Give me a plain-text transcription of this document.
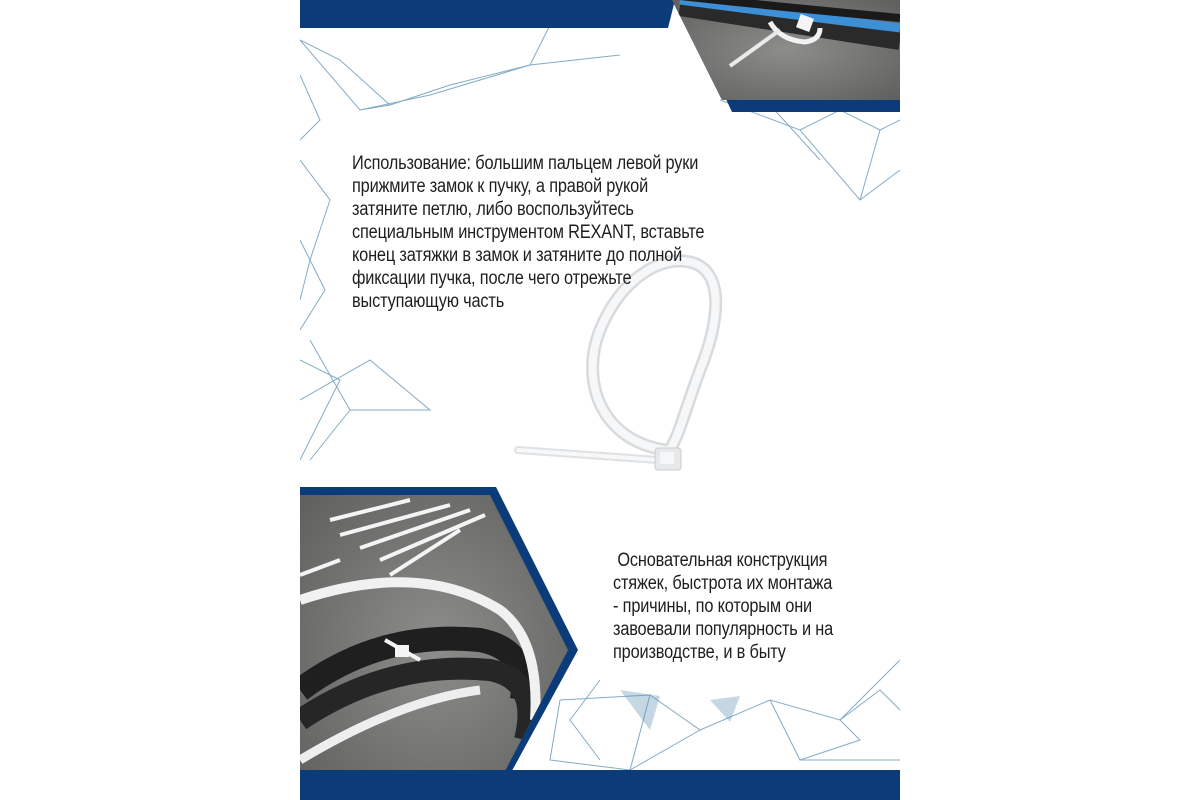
Использование: большим пальцем левой руки
прижмите замок к пучку, а правой рукой
затяните петлю, либо воспользуйтесь
специальным инструментом REXANT, вставьте
конец затяжки в замок и затяните до полной
фиксации пучка, после чего отрежьте
выступающую часть
Основательная конструкция
стяжек, быстрота их монтажа
- причины, по которым они
завоевали популярность и на
производстве, и в быту
